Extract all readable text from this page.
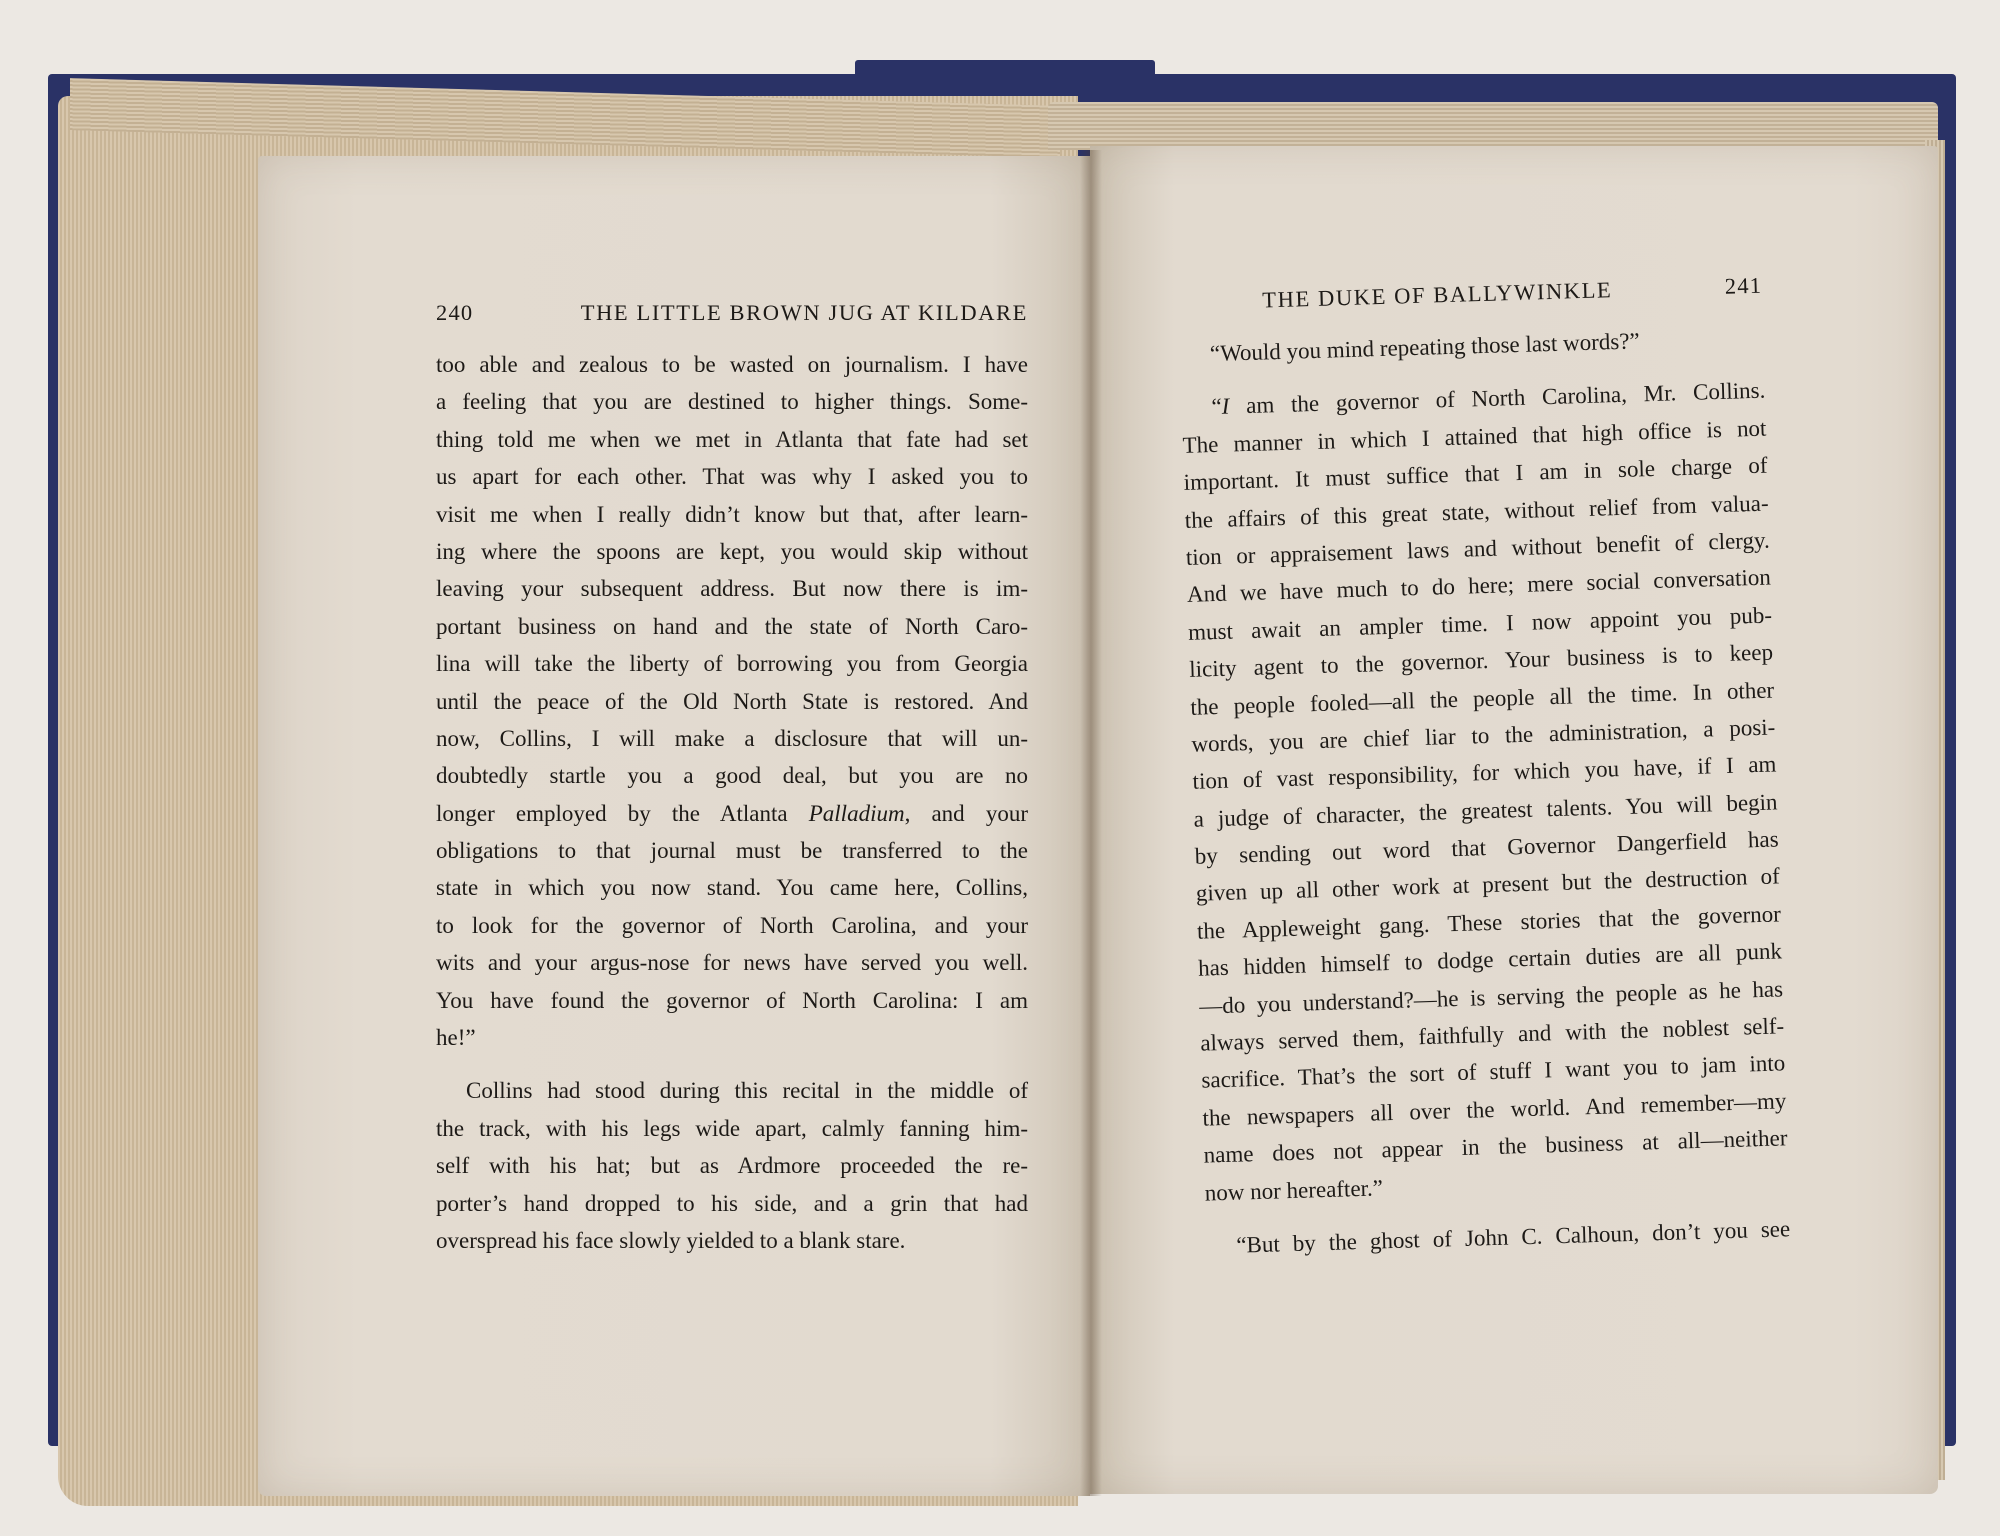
240	THE LITTLE BROWN JUG AT KILDARE
too able and zealous to be wasted on journalism. I have
a feeling that you are destined to higher things. Some-
thing told me when we met in Atlanta that fate had set
us apart for each other. That was why I asked you to
visit me when I really didn’t know but that, after learn-
ing where the spoons are kept, you would skip without
leaving your subsequent address. But now there is im-
portant business on hand and the state of North Caro-
lina will take the liberty of borrowing you from Georgia
until the peace of the Old North State is restored. And
now, Collins, I will make a disclosure that will un-
doubtedly startle you a good deal, but you are no
longer employed by the Atlanta Palladium, and your
obligations to that journal must be transferred to the
state in which you now stand. You came here, Collins,
to look for the governor of North Carolina, and your
wits and your argus-nose for news have served you well.
You have found the governor of North Carolina: I am
he!”
Collins had stood during this recital in the middle of
the track, with his legs wide apart, calmly fanning him-
self with his hat; but as Ardmore proceeded the re-
porter’s hand dropped to his side, and a grin that had
overspread his face slowly yielded to a blank stare.
THE DUKE OF BALLYWINKLE	241
“Would you mind repeating those last words?”
“I am the governor of North Carolina, Mr. Collins.
The manner in which I attained that high office is not
important. It must suffice that I am in sole charge of
the affairs of this great state, without relief from valua-
tion or appraisement laws and without benefit of clergy.
And we have much to do here; mere social conversation
must await an ampler time. I now appoint you pub-
licity agent to the governor. Your business is to keep
the people fooled—all the people all the time. In other
words, you are chief liar to the administration, a posi-
tion of vast responsibility, for which you have, if I am
a judge of character, the greatest talents. You will begin
by sending out word that Governor Dangerfield has
given up all other work at present but the destruction of
the Appleweight gang. These stories that the governor
has hidden himself to dodge certain duties are all punk
—do you understand?—he is serving the people as he has
always served them, faithfully and with the noblest self-
sacrifice. That’s the sort of stuff I want you to jam into
the newspapers all over the world. And remember—my
name does not appear in the business at all—neither
now nor hereafter.”
“But by the ghost of John C. Calhoun, don’t you see
